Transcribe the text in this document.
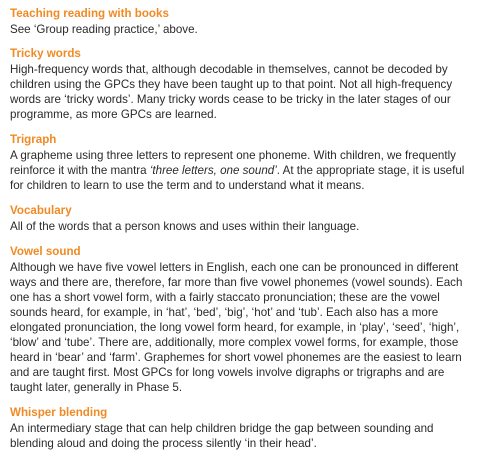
Teaching reading with books

See ‘Group reading practice,’ above.

Tricky words

High-frequency words that, although decodable in themselves, cannot be decoded by children using the GPCs they have been taught up to that point. Not all high-frequency words are ‘tricky words’. Many tricky words cease to be tricky in the later stages of our programme, as more GPCs are learned.

Trigraph

A grapheme using three letters to represent one phoneme. With children, we frequently reinforce it with the mantra ‘three letters, one sound’. At the appropriate stage, it is useful for children to learn to use the term and to understand what it means.

Vocabulary

All of the words that a person knows and uses within their language.

Vowel sound

Although we have five vowel letters in English, each one can be pronounced in different ways and there are, therefore, far more than five vowel phonemes (vowel sounds). Each one has a short vowel form, with a fairly staccato pronunciation; these are the vowel sounds heard, for example, in ‘hat’, ‘bed’, ‘big’, ‘hot’ and ‘tub’. Each also has a more elongated pronunciation, the long vowel form heard, for example, in ‘play’, ‘seed’, ‘high’, ‘blow’ and ‘tube’. There are, additionally, more complex vowel forms, for example, those heard in ‘bear’ and ‘farm’. Graphemes for short vowel phonemes are the easiest to learn and are taught first. Most GPCs for long vowels involve digraphs or trigraphs and are taught later, generally in Phase 5.

Whisper blending

An intermediary stage that can help children bridge the gap between sounding and blending aloud and doing the process silently ‘in their head’.
